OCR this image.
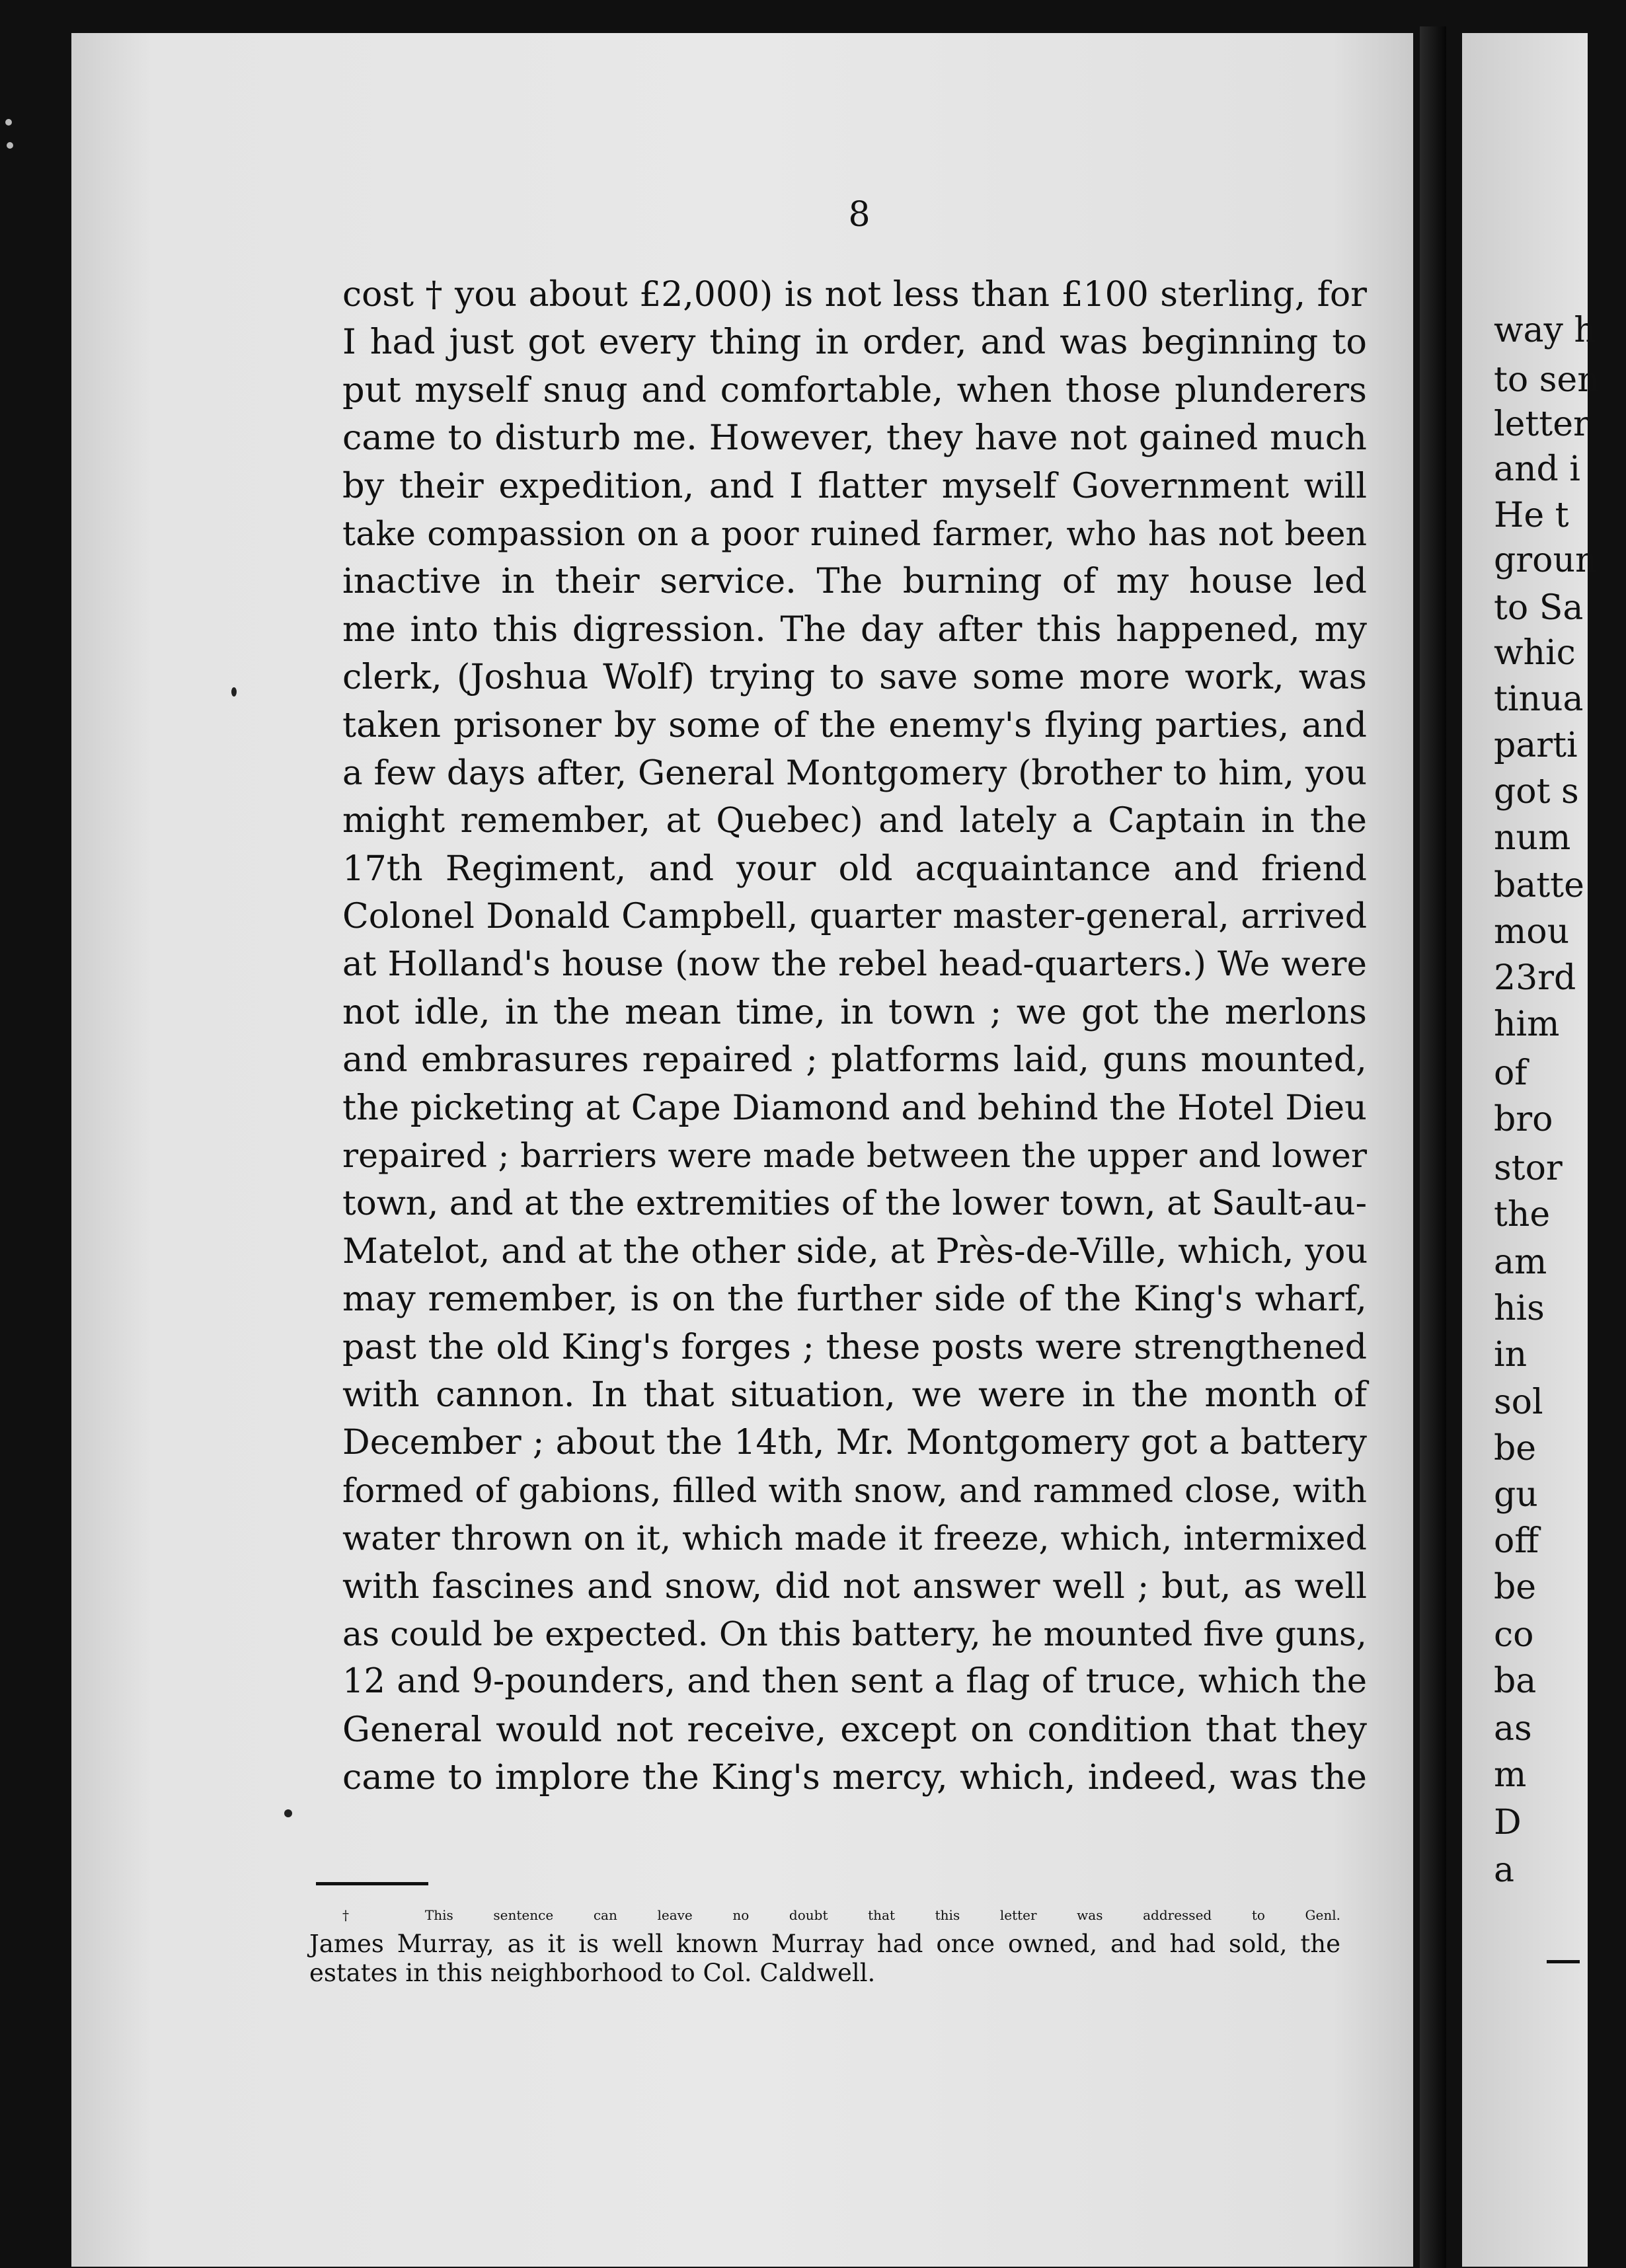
8
cost † you about £2,000) is not less than £100 sterling, for
I had just got every thing in order, and was beginning to
put myself snug and comfortable, when those plunderers
came to disturb me. However, they have not gained much
by their expedition, and I flatter myself Government will
take compassion on a poor ruined farmer, who has not been
inactive in their service. The burning of my house led
me into this digression. The day after this happened, my
clerk, (Joshua Wolf) trying to save some more work, was
taken prisoner by some of the enemy's flying parties, and
a few days after, General Montgomery (brother to him, you
might remember, at Quebec) and lately a Captain in the
17th Regiment, and your old acquaintance and friend
Colonel Donald Campbell, quarter master-general, arrived
at Holland's house (now the rebel head-quarters.) We were
not idle, in the mean time, in town ; we got the merlons
and embrasures repaired ; platforms laid, guns mounted,
the picketing at Cape Diamond and behind the Hotel Dieu
repaired ; barriers were made between the upper and lower
town, and at the extremities of the lower town, at Sault-au-
Matelot, and at the other side, at Près-de-Ville, which, you
may remember, is on the further side of the King's wharf,
past the old King's forges ; these posts were strengthened
with cannon. In that situation, we were in the month of
December ; about the 14th, Mr. Montgomery got a battery
formed of gabions, filled with snow, and rammed close, with
water thrown on it, which made it freeze, which, intermixed
with fascines and snow, did not answer well ; but, as well
as could be expected. On this battery, he mounted five guns,
12 and 9-pounders, and then sent a flag of truce, which the
General would not receive, except on condition that they
came to implore the King's mercy, which, indeed, was the
† This sentence can leave no doubt that this letter was addressed to Genl.
James Murray, as it is well known Murray had once owned, and had sold, the
estates in this neighborhood to Col. Caldwell.
way h
to sen
letter
and i
He t
groun
to Sa
whic
tinua
parti
got s
num
batte
mou
23rd
him
of
bro
stor
the
am
his
in
sol
be
gu
off
be
co
ba
as
m
D
a
